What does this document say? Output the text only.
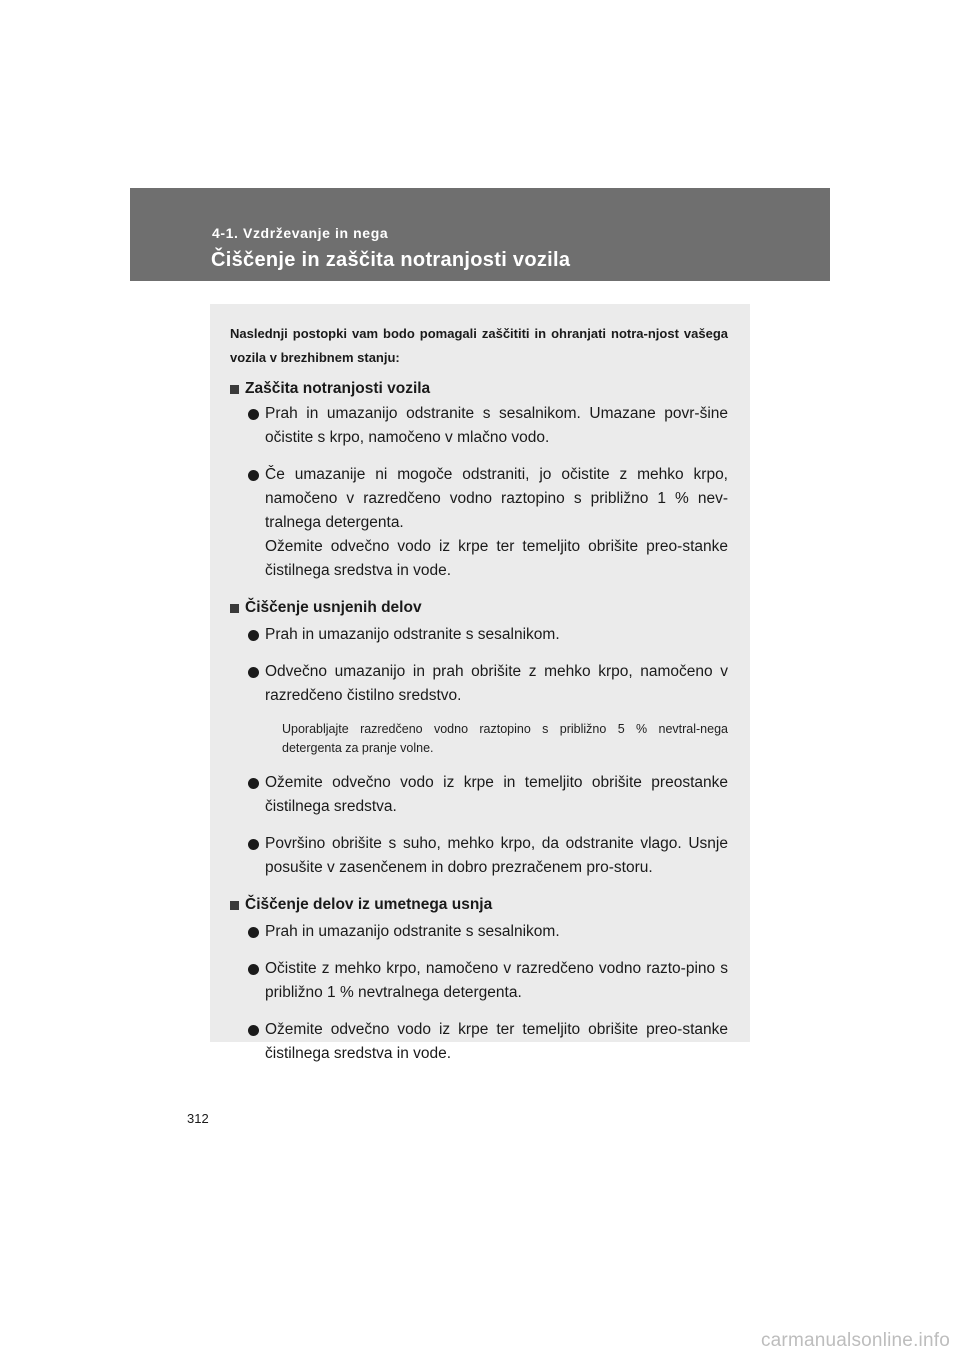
4-1. Vzdrževanje in nega
Čiščenje in zaščita notranjosti vozila

Naslednji postopki vam bodo pomagali zaščititi in ohranjati notra-njost vašega vozila v brezhibnem stanju:

Zaščita notranjosti vozila

Prah in umazanijo odstranite s sesalnikom. Umazane povr-šine očistite s krpo, namočeno v mlačno vodo.

Če umazanije ni mogoče odstraniti, jo očistite z mehko krpo, namočeno v razredčeno vodno raztopino s približno 1 % nev-tralnega detergenta.
Ožemite odvečno vodo iz krpe ter temeljito obrišite preo-stanke čistilnega sredstva in vode.

Čiščenje usnjenih delov

Prah in umazanijo odstranite s sesalnikom.

Odvečno umazanijo in prah obrišite z mehko krpo, namočeno v razredčeno čistilno sredstvo.

Uporabljajte razredčeno vodno raztopino s približno 5 % nevtral-nega detergenta za pranje volne.

Ožemite odvečno vodo iz krpe in temeljito obrišite preostanke čistilnega sredstva.

Površino obrišite s suho, mehko krpo, da odstranite vlago. Usnje posušite v zasenčenem in dobro prezračenem pro-storu.

Čiščenje delov iz umetnega usnja

Prah in umazanijo odstranite s sesalnikom.

Očistite z mehko krpo, namočeno v razredčeno vodno razto-pino s približno 1 % nevtralnega detergenta.

Ožemite odvečno vodo iz krpe ter temeljito obrišite preo-stanke čistilnega sredstva in vode.

312
carmanualsonline.info
